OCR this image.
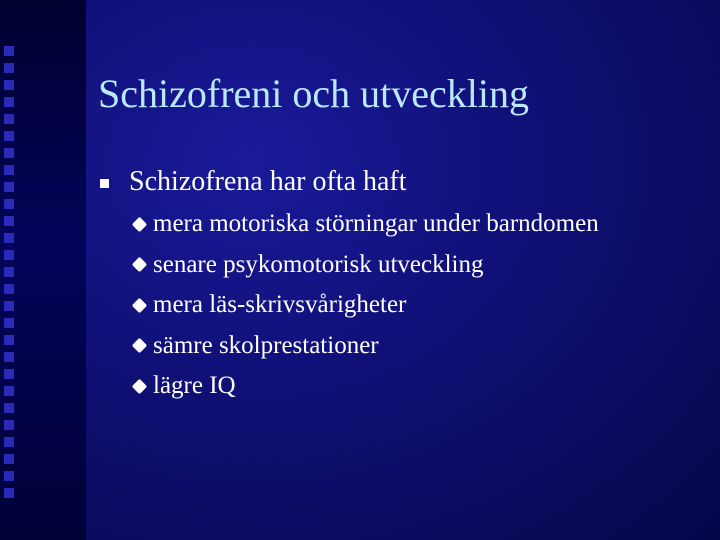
Schizofreni och utveckling
Schizofrena har ofta haft
mera motoriska störningar under barndomen
senare psykomotorisk utveckling
mera läs-skrivsvårigheter
sämre skolprestationer
lägre IQ
